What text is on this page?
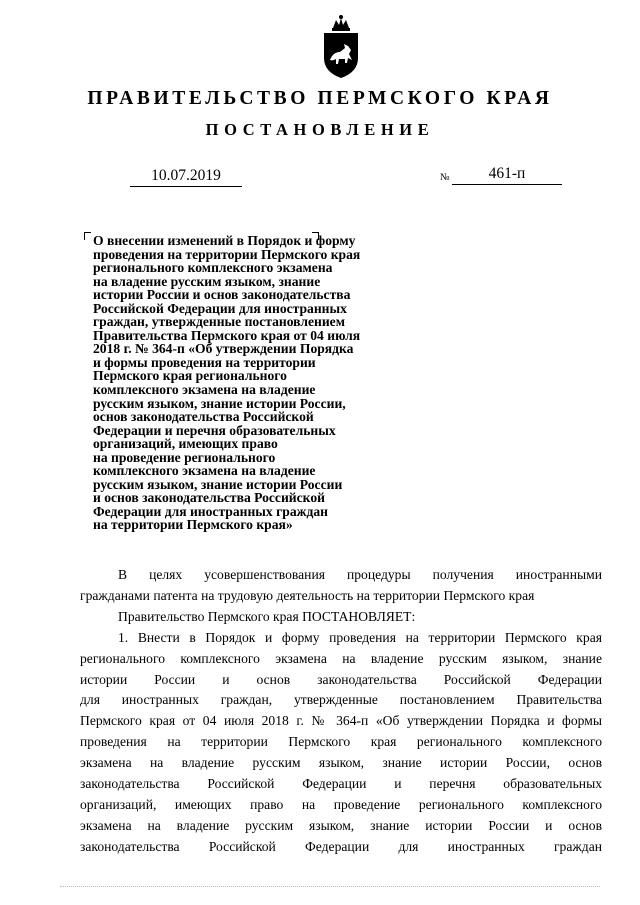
ПРАВИТЕЛЬСТВО ПЕРМСКОГО КРАЯ
ПОСТАНОВЛЕНИЕ
10.07.2019	№	461-п
О внесении изменений в Порядок и форму
проведения на территории Пермского края
регионального комплексного экзамена
на владение русским языком, знание
истории России и основ законодательства
Российской Федерации для иностранных
граждан, утвержденные постановлением
Правительства Пермского края от 04 июля
2018 г. № 364-п «Об утверждении Порядка
и формы проведения на территории
Пермского края регионального
комплексного экзамена на владение
русским языком, знание истории России,
основ законодательства Российской
Федерации и перечня образовательных
организаций, имеющих право
на проведение регионального
комплексного экзамена на владение
русским языком, знание истории России
и основ законодательства Российской
Федерации для иностранных граждан
на территории Пермского края»
В целях усовершенствования процедуры получения иностранными
гражданами патента на трудовую деятельность на территории Пермского края
Правительство Пермского края ПОСТАНОВЛЯЕТ:
1. Внести в Порядок и форму проведения на территории Пермского края
регионального комплексного экзамена на владение русским языком, знание
истории России и основ законодательства Российской Федерации
для иностранных граждан, утвержденные постановлением Правительства
Пермского края от 04 июля 2018 г. № 364-п «Об утверждении Порядка и формы
проведения на территории Пермского края регионального комплексного
экзамена на владение русским языком, знание истории России, основ
законодательства Российской Федерации и перечня образовательных
организаций, имеющих право на проведение регионального комплексного
экзамена на владение русским языком, знание истории России и основ
законодательства Российской Федерации для иностранных граждан
